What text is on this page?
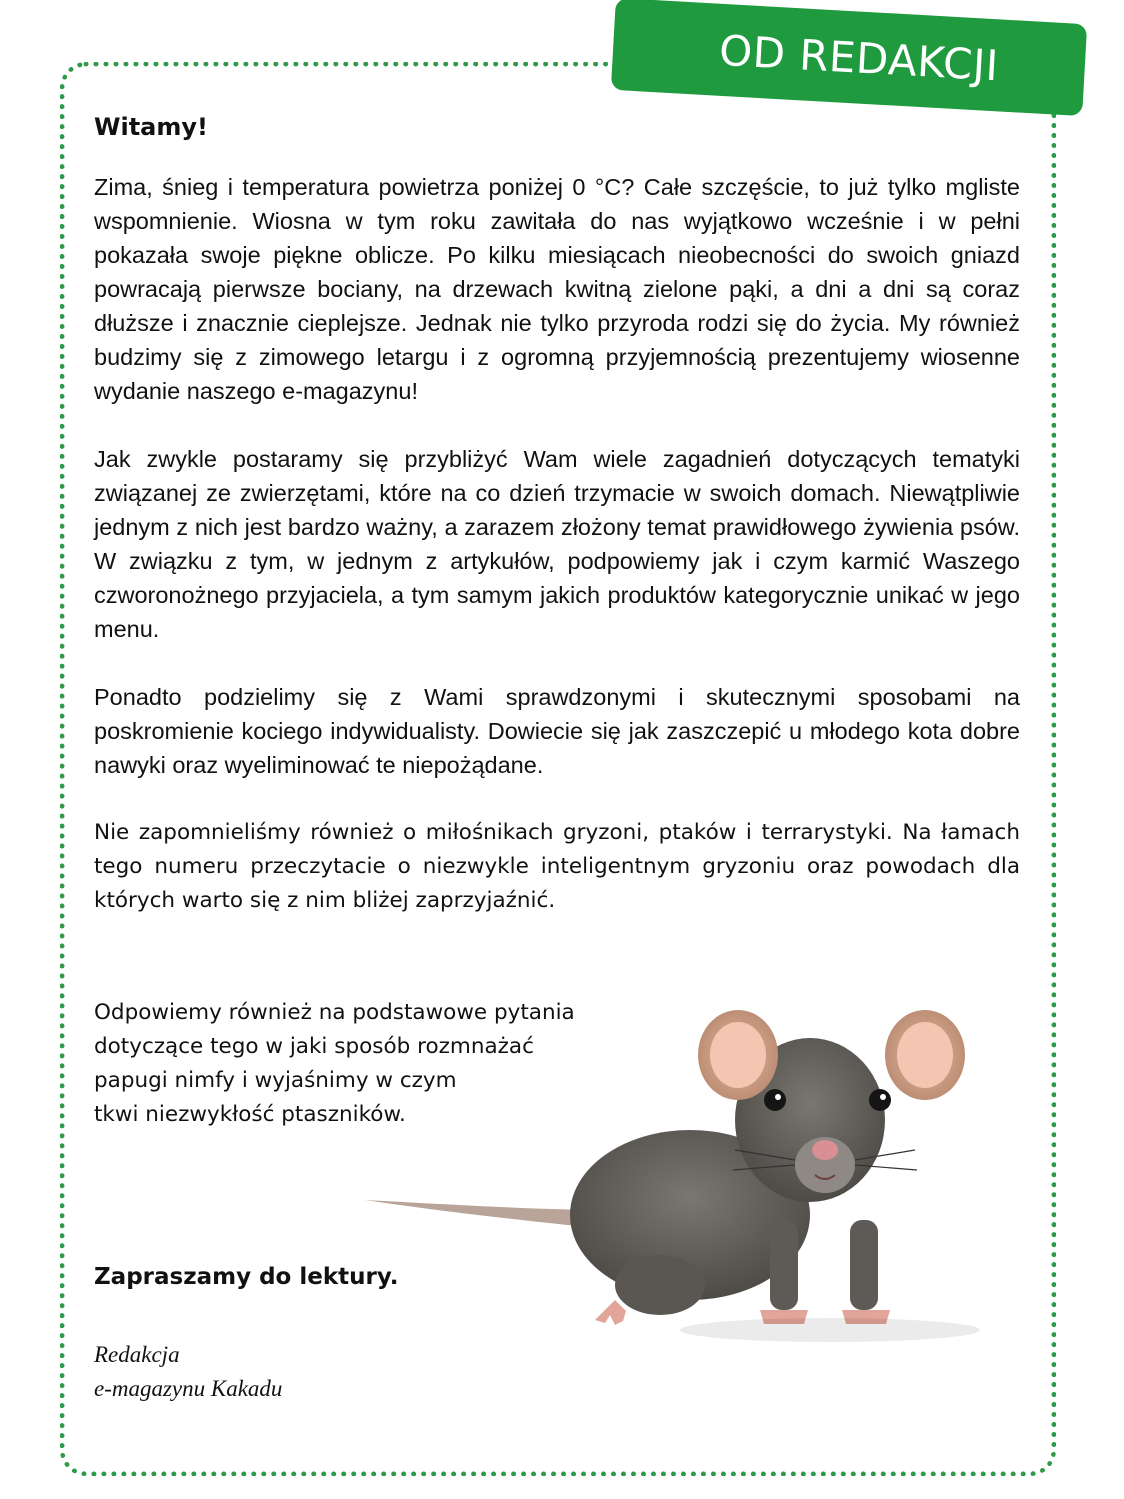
OD REDAKCJI
Witamy!

Zima, śnieg i temperatura powietrza poniżej 0 °C? Całe szczęście, to już tylko mgliste wspomnienie. Wiosna w tym roku zawitała do nas wyjątkowo wcześnie i w pełni pokazała swoje piękne oblicze. Po kilku miesiącach nieobecności do swoich gniazd powracają pierwsze bociany, na drzewach kwitną zielone pąki, a dni a dni są coraz dłuższe i znacznie cieplejsze. Jednak nie tylko przyroda rodzi się do życia. My również budzimy się z zimowego letargu i z ogromną przyjemnością prezentujemy wiosenne wydanie naszego e-magazynu!

Jak zwykle postaramy się przybliżyć Wam wiele zagadnień dotyczących tematyki związanej ze zwierzętami, które na co dzień trzymacie w swoich domach. Niewątpliwie jednym z nich jest bardzo ważny, a zarazem złożony temat prawidłowego żywienia psów. W związku z tym, w jednym z artykułów, podpowiemy jak i czym karmić Waszego czworonożnego przyjaciela, a tym samym jakich produktów kategorycznie unikać w jego menu.

Ponadto podzielimy się z Wami sprawdzonymi i skutecznymi sposobami na poskromienie kociego indywidualisty. Dowiecie się jak zaszczepić u młodego kota dobre nawyki oraz wyeliminować te niepożądane.

Nie zapomnieliśmy również o miłośnikach gryzoni, ptaków i terrarystyki. Na łamach tego numeru przeczytacie o niezwykle inteligentnym gryzoniu oraz powodach dla których warto się z nim bliżej zaprzyjaźnić.

Odpowiemy również na podstawowe pytania
dotyczące tego w jaki sposób rozmnażać
papugi nimfy i wyjaśnimy w czym
tkwi niezwykłość ptaszników.
Zapraszamy do lektury.
Redakcja
e-magazynu Kakadu
